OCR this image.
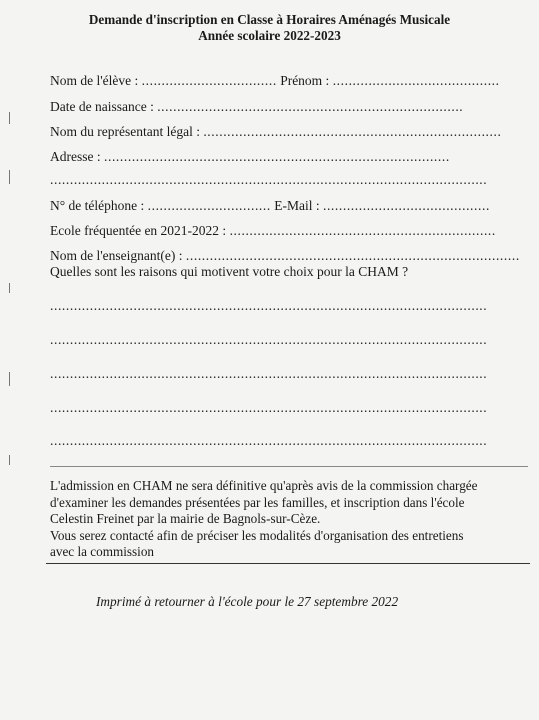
Demande d'inscription en Classe à Horaires Aménagés Musicale
Année scolaire 2022-2023
Nom de l'élève : .................................. Prénom : ..........................................
Date de naissance : .............................................................................
Nom du représentant légal : ...........................................................................
Adresse : .......................................................................................
..............................................................................................................
N° de téléphone : ............................... E-Mail : ..........................................
Ecole fréquentée en 2021-2022 : ...................................................................
Nom de l'enseignant(e) : ....................................................................................
Quelles sont les raisons qui motivent votre choix pour la CHAM ?
..............................................................................................................
..............................................................................................................
..............................................................................................................
..............................................................................................................
..............................................................................................................
L'admission en CHAM ne sera définitive qu'après avis de la commission chargée
d'examiner les demandes présentées par les familles, et inscription dans l'école
Celestin Freinet par la mairie de Bagnols-sur-Cèze.
Vous serez contacté afin de préciser les modalités d'organisation des entretiens
avec la commission
Imprimé à retourner à l'école pour le 27 septembre 2022
